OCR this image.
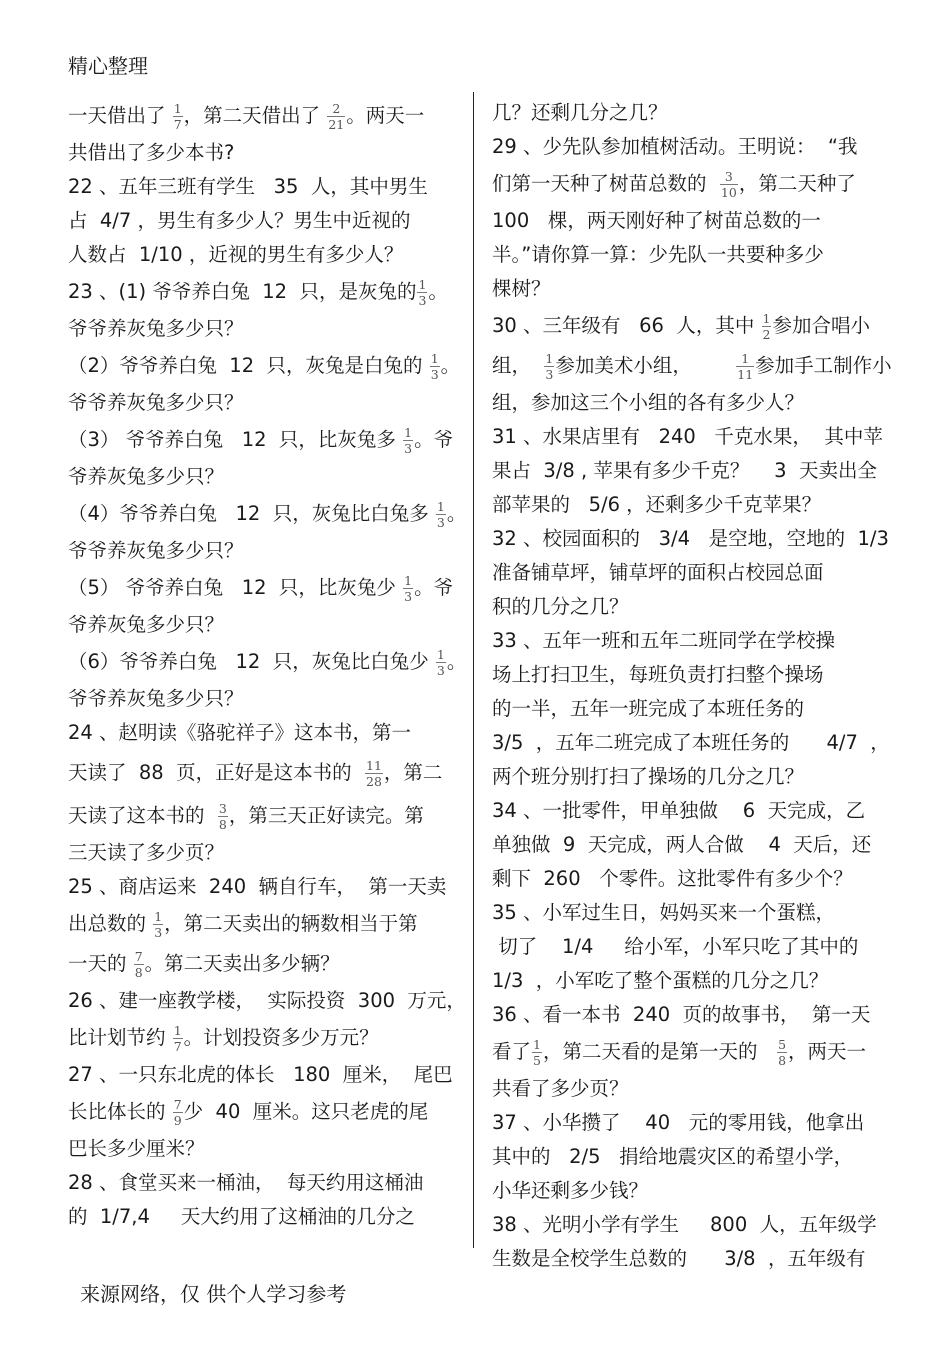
精心整理
一天借出了 $\frac{1}{7}$ ，第二天借出了 $\frac{2}{21}$ 。两天一
共借出了多少本书?
22 、五年三班有学生   35  人，其中男生
占  4/7 ，男生有多少人？男生中近视的
人数占  1/10 ，近视的男生有多少人？
23 、(1) 爷爷养白兔  12  只，是灰兔的 $\frac{1}{3}$ 。
爷爷养灰兔多少只？
（2）爷爷养白兔  12  只，灰兔是白兔的 $\frac{1}{3}$ 。
爷爷养灰兔多少只？
（3） 爷爷养白兔   12  只，比灰兔多 $\frac{1}{3}$ 。爷
爷养灰兔多少只？
（4）爷爷养白兔   12  只，灰兔比白兔多 $\frac{1}{3}$ 。
爷爷养灰兔多少只？
（5） 爷爷养白兔   12  只，比灰兔少 $\frac{1}{3}$ 。爷
爷养灰兔多少只？
（6）爷爷养白兔   12  只，灰兔比白兔少 $\frac{1}{3}$ 。
爷爷养灰兔多少只？
24 、赵明读《骆驼祥子》这本书，第一
天读了  88  页，正好是这本书的 $\frac{11}{28}$ ，第二
天读了这本书的 $\frac{3}{8}$ ，第三天正好读完。第
三天读了多少页？
25 、商店运来  240  辆自行车，  第一天卖
出总数的 $\frac{1}{3}$ ，第二天卖出的辆数相当于第
一天的 $\frac{7}{8}$ 。第二天卖出多少辆？
26 、建一座教学楼，  实际投资  300  万元，
比计划节约 $\frac{1}{7}$ 。计划投资多少万元？
27 、一只东北虎的体长   180  厘米，  尾巴
长比体长的 $\frac{7}{9}$ 少  40  厘米。这只老虎的尾
巴长多少厘米？
28 、食堂买来一桶油，  每天约用这桶油
的  1/7,4     天大约用了这桶油的几分之
几？还剩几分之几？
29 、少先队参加植树活动。王明说：  “我
们第一天种了树苗总数的 $\frac{3}{10}$ ，第二天种了
100   棵，两天刚好种了树苗总数的一
半。”请你算一算：少先队一共要种多少
棵树？
30 、三年级有   66  人，其中 $\frac{1}{2}$ 参加合唱小
组， $\frac{1}{3}$ 参加美术小组， $\frac{1}{11}$ 参加手工制作小
组，参加这三个小组的各有多少人？
31 、水果店里有   240   千克水果，  其中苹
果占  3/8 , 苹果有多少千克？    3  天卖出全
部苹果的   5/6 ，还剩多少千克苹果？
32 、校园面积的   3/4   是空地，空地的  1/3
准备铺草坪，铺草坪的面积占校园总面
积的几分之几？
33 、五年一班和五年二班同学在学校操
场上打扫卫生，每班负责打扫整个操场
的一半，五年一班完成了本班任务的
3/5  ，五年二班完成了本班任务的      4/7  ，
两个班分别打扫了操场的几分之几？
34 、一批零件，甲单独做    6  天完成，乙
单独做  9  天完成，两人合做    4  天后，还
剩下  260   个零件。这批零件有多少个？
35 、小军过生日，妈妈买来一个蛋糕，
切了    1/4     给小军，小军只吃了其中的
1/3  ，小军吃了整个蛋糕的几分之几？
36 、看一本书  240  页的故事书，  第一天
看了 $\frac{1}{5}$ ，第二天看的是第一天的 $\frac{5}{8}$ ，两天一
共看了多少页？
37 、小华攒了    40   元的零用钱，他拿出
其中的   2/5   捐给地震灾区的希望小学，
小华还剩多少钱？
38 、光明小学有学生     800  人，五年级学
生数是全校学生总数的      3/8  ，五年级有
来源网络，仅 供个人学习参考
